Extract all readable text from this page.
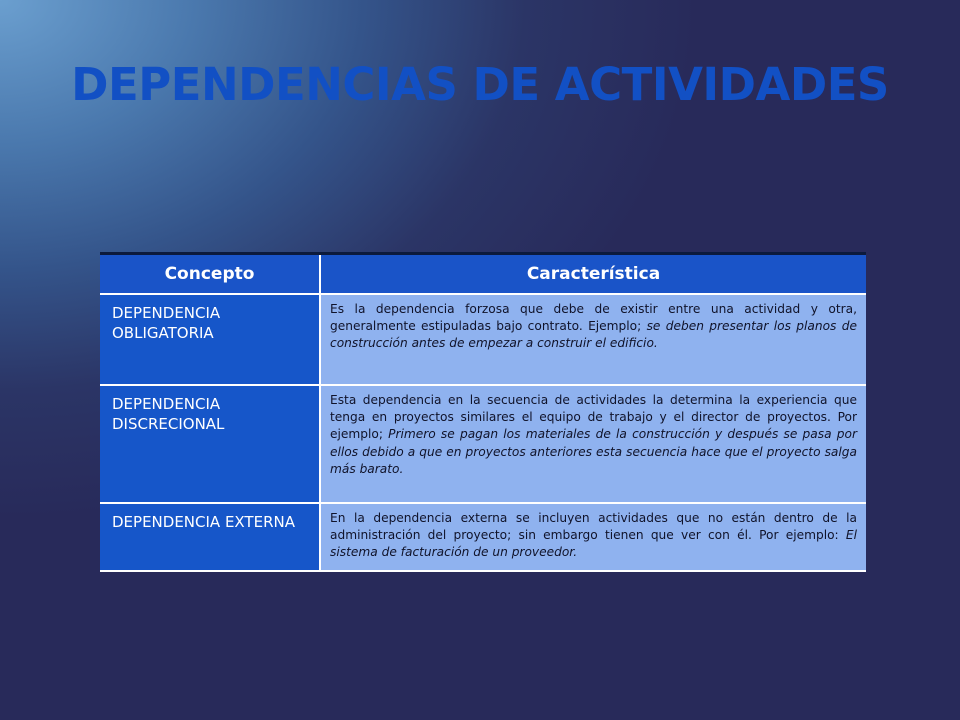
DEPENDENCIAS DE ACTIVIDADES
Concepto	Característica
DEPENDENCIA OBLIGATORIA	Es la dependencia forzosa que debe de existir entre una actividad y otra, generalmente estipuladas bajo contrato. Ejemplo; se deben presentar los planos de construcción antes de empezar a construir el edificio.
DEPENDENCIA DISCRECIONAL	Esta dependencia en la secuencia de actividades la determina la experiencia que tenga en proyectos similares el equipo de trabajo y el director de proyectos. Por ejemplo; Primero se pagan los materiales de la construcción y después se pasa por ellos debido a que en proyectos anteriores esta secuencia hace que el proyecto salga más barato.
DEPENDENCIA EXTERNA	En la dependencia externa se incluyen actividades que no están dentro de la administración del proyecto; sin embargo tienen que ver con él. Por ejemplo: El sistema de facturación de un proveedor.
